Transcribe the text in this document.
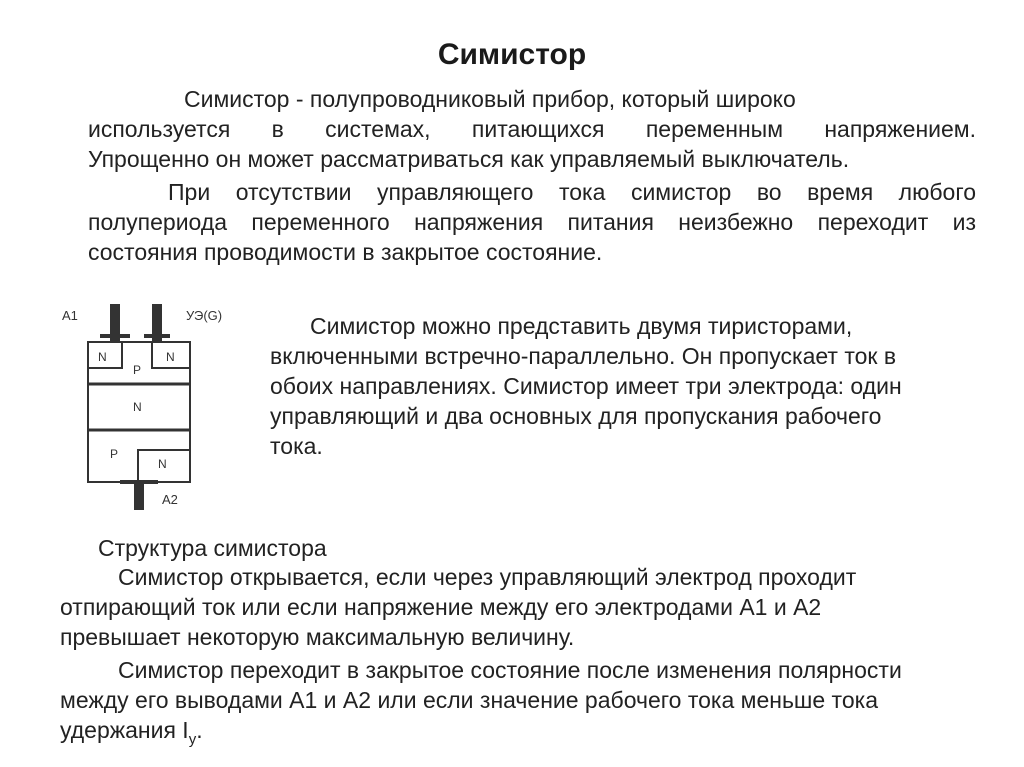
Симистор
Симистор - полупроводниковый прибор, который широко
используется в системах, питающихся переменным напряжением.
Упрощенно он может рассматриваться как управляемый выключатель.
При отсутствии управляющего тока симистор во время любого
полупериода переменного напряжения питания неизбежно переходит из
состояния проводимости в закрытое состояние.
A1	УЭ(G)
N	N
P
N
P
N
A2
Симистор можно представить двумя тиристорами,
включенными встречно-параллельно. Он пропускает ток в
обоих направлениях. Симистор имеет три электрода: один
управляющий и два основных для пропускания рабочего
тока.
Структура симистора
Симистор открывается, если через управляющий электрод проходит
отпирающий ток или если напряжение между его электродами А1 и А2
превышает некоторую максимальную величину.
Симистор переходит в закрытое состояние после изменения полярности
между его выводами А1 и А2 или если значение рабочего тока меньше тока
удержания $I_у$.
